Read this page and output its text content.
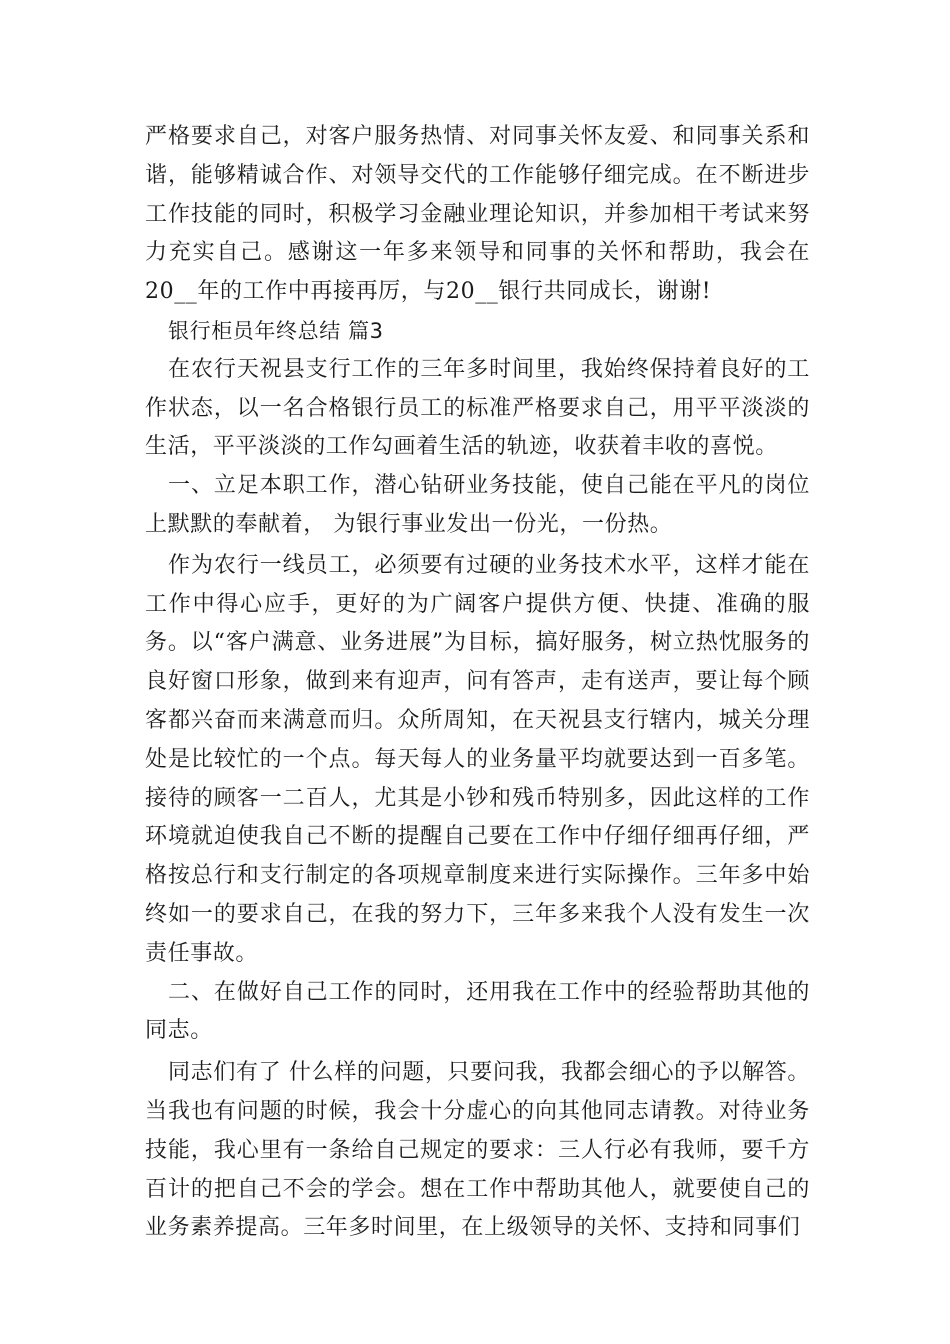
严格要求自己，对客户服务热情、对同事关怀友爱、和同事关系和谐，能够精诚合作、对领导交代的工作能够仔细完成。在不断进步工作技能的同时，积极学习金融业理论知识，并参加相干考试来努力充实自己。感谢这一年多来领导和同事的关怀和帮助，我会在20__年的工作中再接再厉，与20__银行共同成长，谢谢!

银行柜员年终总结 篇3

在农行天祝县支行工作的三年多时间里，我始终保持着良好的工作状态，以一名合格银行员工的标准严格要求自己，用平平淡淡的生活，平平淡淡的工作勾画着生活的轨迹，收获着丰收的喜悦。

一、立足本职工作，潜心钻研业务技能，使自己能在平凡的岗位上默默的奉献着， 为银行事业发出一份光，一份热。

作为农行一线员工，必须要有过硬的业务技术水平，这样才能在工作中得心应手，更好的为广阔客户提供方便、快捷、准确的服务。以“客户满意、业务进展”为目标，搞好服务，树立热忱服务的良好窗口形象，做到来有迎声，问有答声，走有送声，要让每个顾客都兴奋而来满意而归。众所周知，在天祝县支行辖内，城关分理处是比较忙的一个点。每天每人的业务量平均就要达到一百多笔。接待的顾客一二百人，尤其是小钞和残币特别多，因此这样的工作环境就迫使我自己不断的提醒自己要在工作中仔细仔细再仔细，严格按总行和支行制定的各项规章制度来进行实际操作。三年多中始终如一的要求自己，在我的努力下，三年多来我个人没有发生一次责任事故。

二、在做好自己工作的同时，还用我在工作中的经验帮助其他的同志。

同志们有了 什么样的问题，只要问我，我都会细心的予以解答。当我也有问题的时候，我会十分虚心的向其他同志请教。对待业务技能，我心里有一条给自己规定的要求：三人行必有我师，要千方百计的把自己不会的学会。想在工作中帮助其他人，就要使自己的业务素养提高。三年多时间里，在上级领导的关怀、支持和同事们
